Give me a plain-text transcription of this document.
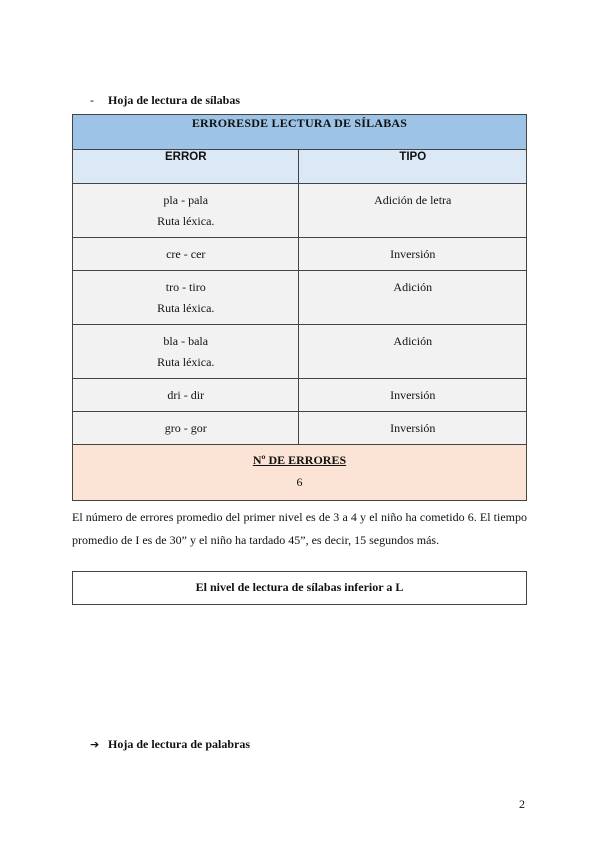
- Hoja de lectura de sílabas
ERRORESDE LECTURA DE SÍLABAS	
ERROR	TIPO

pla - pala
Ruta léxica.	Adición de letra

cre - cer	Inversión

tro - tiro
Ruta léxica.	Adición

bla - bala
Ruta léxica.	Adición

dri - dir	Inversión

gro - gor	Inversión

Nº DE ERRORES
6	
El número de errores promedio del primer nivel es de 3 a 4 y el niño ha cometido 6. El tiempo promedio de I es de 30” y el niño ha tardado 45”, es decir, 15 segundos más.
El nivel de lectura de sílabas inferior a L
➔ Hoja de lectura de palabras
2
